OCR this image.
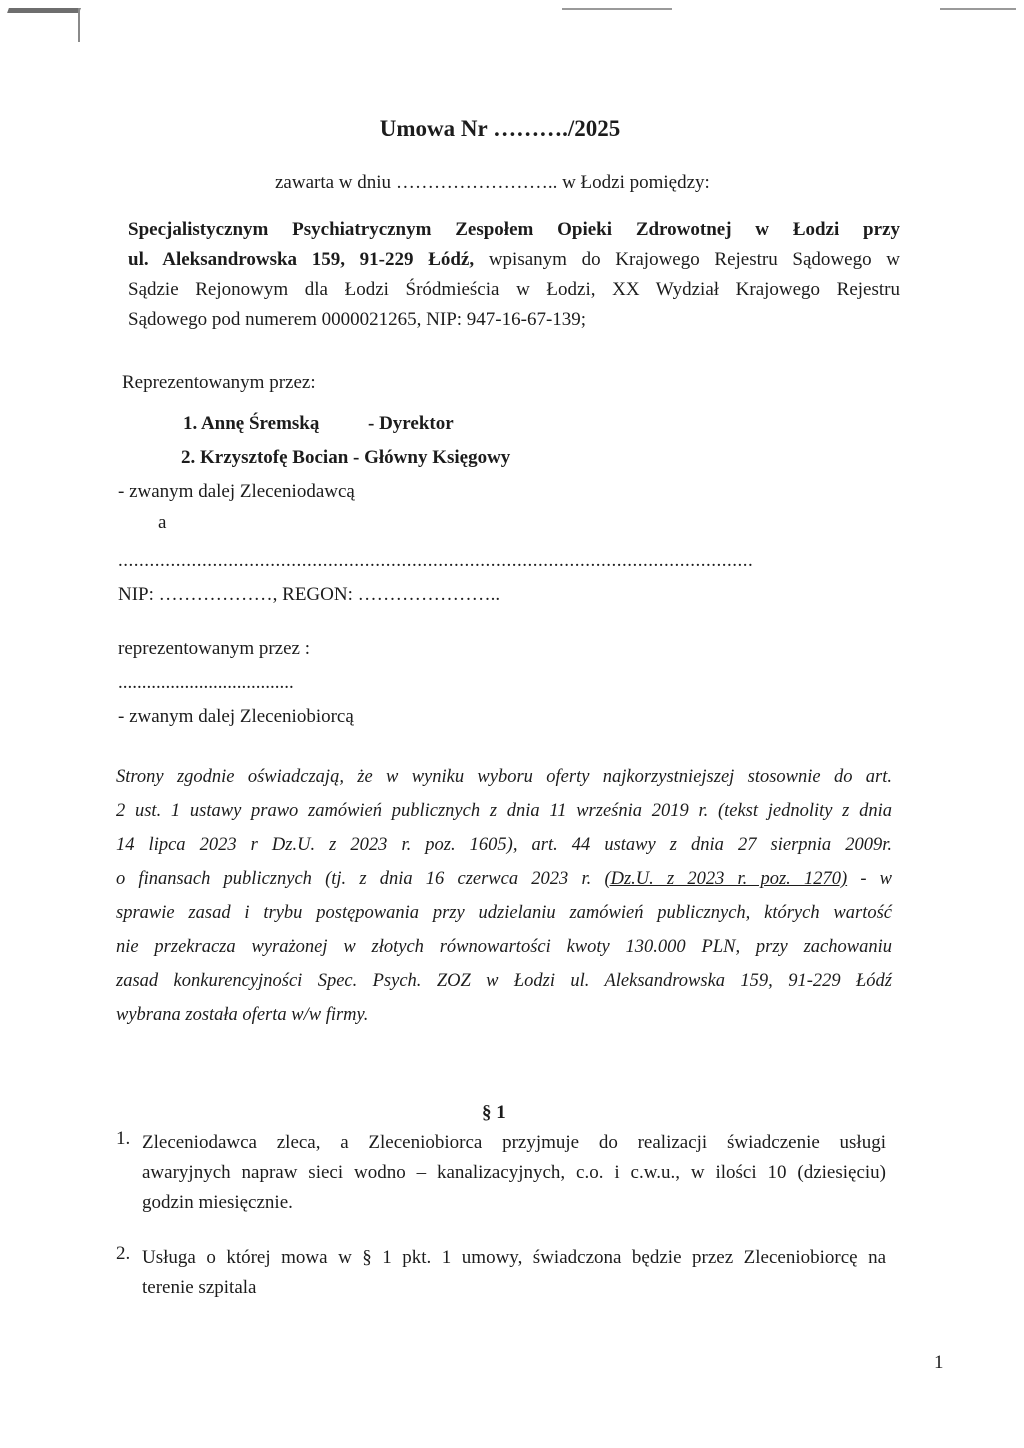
Umowa Nr ………./2025
zawarta w dniu …………………….. w Łodzi pomiędzy:
Specjalistycznym Psychiatrycznym Zespołem Opieki Zdrowotnej w Łodzi przy
ul. Aleksandrowska 159, 91-229 Łódź, wpisanym do Krajowego Rejestru Sądowego w
Sądzie Rejonowym dla Łodzi Śródmieścia w Łodzi, XX Wydział Krajowego Rejestru
Sądowego pod numerem 0000021265, NIP: 947-16-67-139;
Reprezentowanym przez:
1. Annę Śremską	- Dyrektor
2. Krzysztofę Bocian - Główny Księgowy
- zwanym dalej Zleceniodawcą
a
.........................................................................................................................
NIP: ………………, REGON: …………………..
reprezentowanym przez :
.....................................
- zwanym dalej Zleceniobiorcą
Strony zgodnie oświadczają, że w wyniku wyboru oferty najkorzystniejszej stosownie do art.
2 ust. 1 ustawy prawo zamówień publicznych z dnia 11 września 2019 r. (tekst jednolity z dnia
14 lipca 2023 r Dz.U. z 2023 r. poz. 1605), art. 44 ustawy z dnia 27 sierpnia 2009r.
o finansach publicznych (tj. z dnia 16 czerwca 2023 r. (Dz.U. z 2023 r. poz. 1270) - w
sprawie zasad i trybu postępowania przy udzielaniu zamówień publicznych, których wartość
nie przekracza wyrażonej w złotych równowartości kwoty 130.000 PLN, przy zachowaniu
zasad konkurencyjności Spec. Psych. ZOZ w Łodzi ul. Aleksandrowska 159, 91-229 Łódź
wybrana została oferta w/w firmy.
§ 1
1. Zleceniodawca zleca, a Zleceniobiorca przyjmuje do realizacji świadczenie usługi
awaryjnych napraw sieci wodno – kanalizacyjnych, c.o. i c.w.u., w ilości 10 (dziesięciu)
godzin miesięcznie.
2. Usługa o której mowa w § 1 pkt. 1 umowy, świadczona będzie przez Zleceniobiorcę na
terenie szpitala
1
